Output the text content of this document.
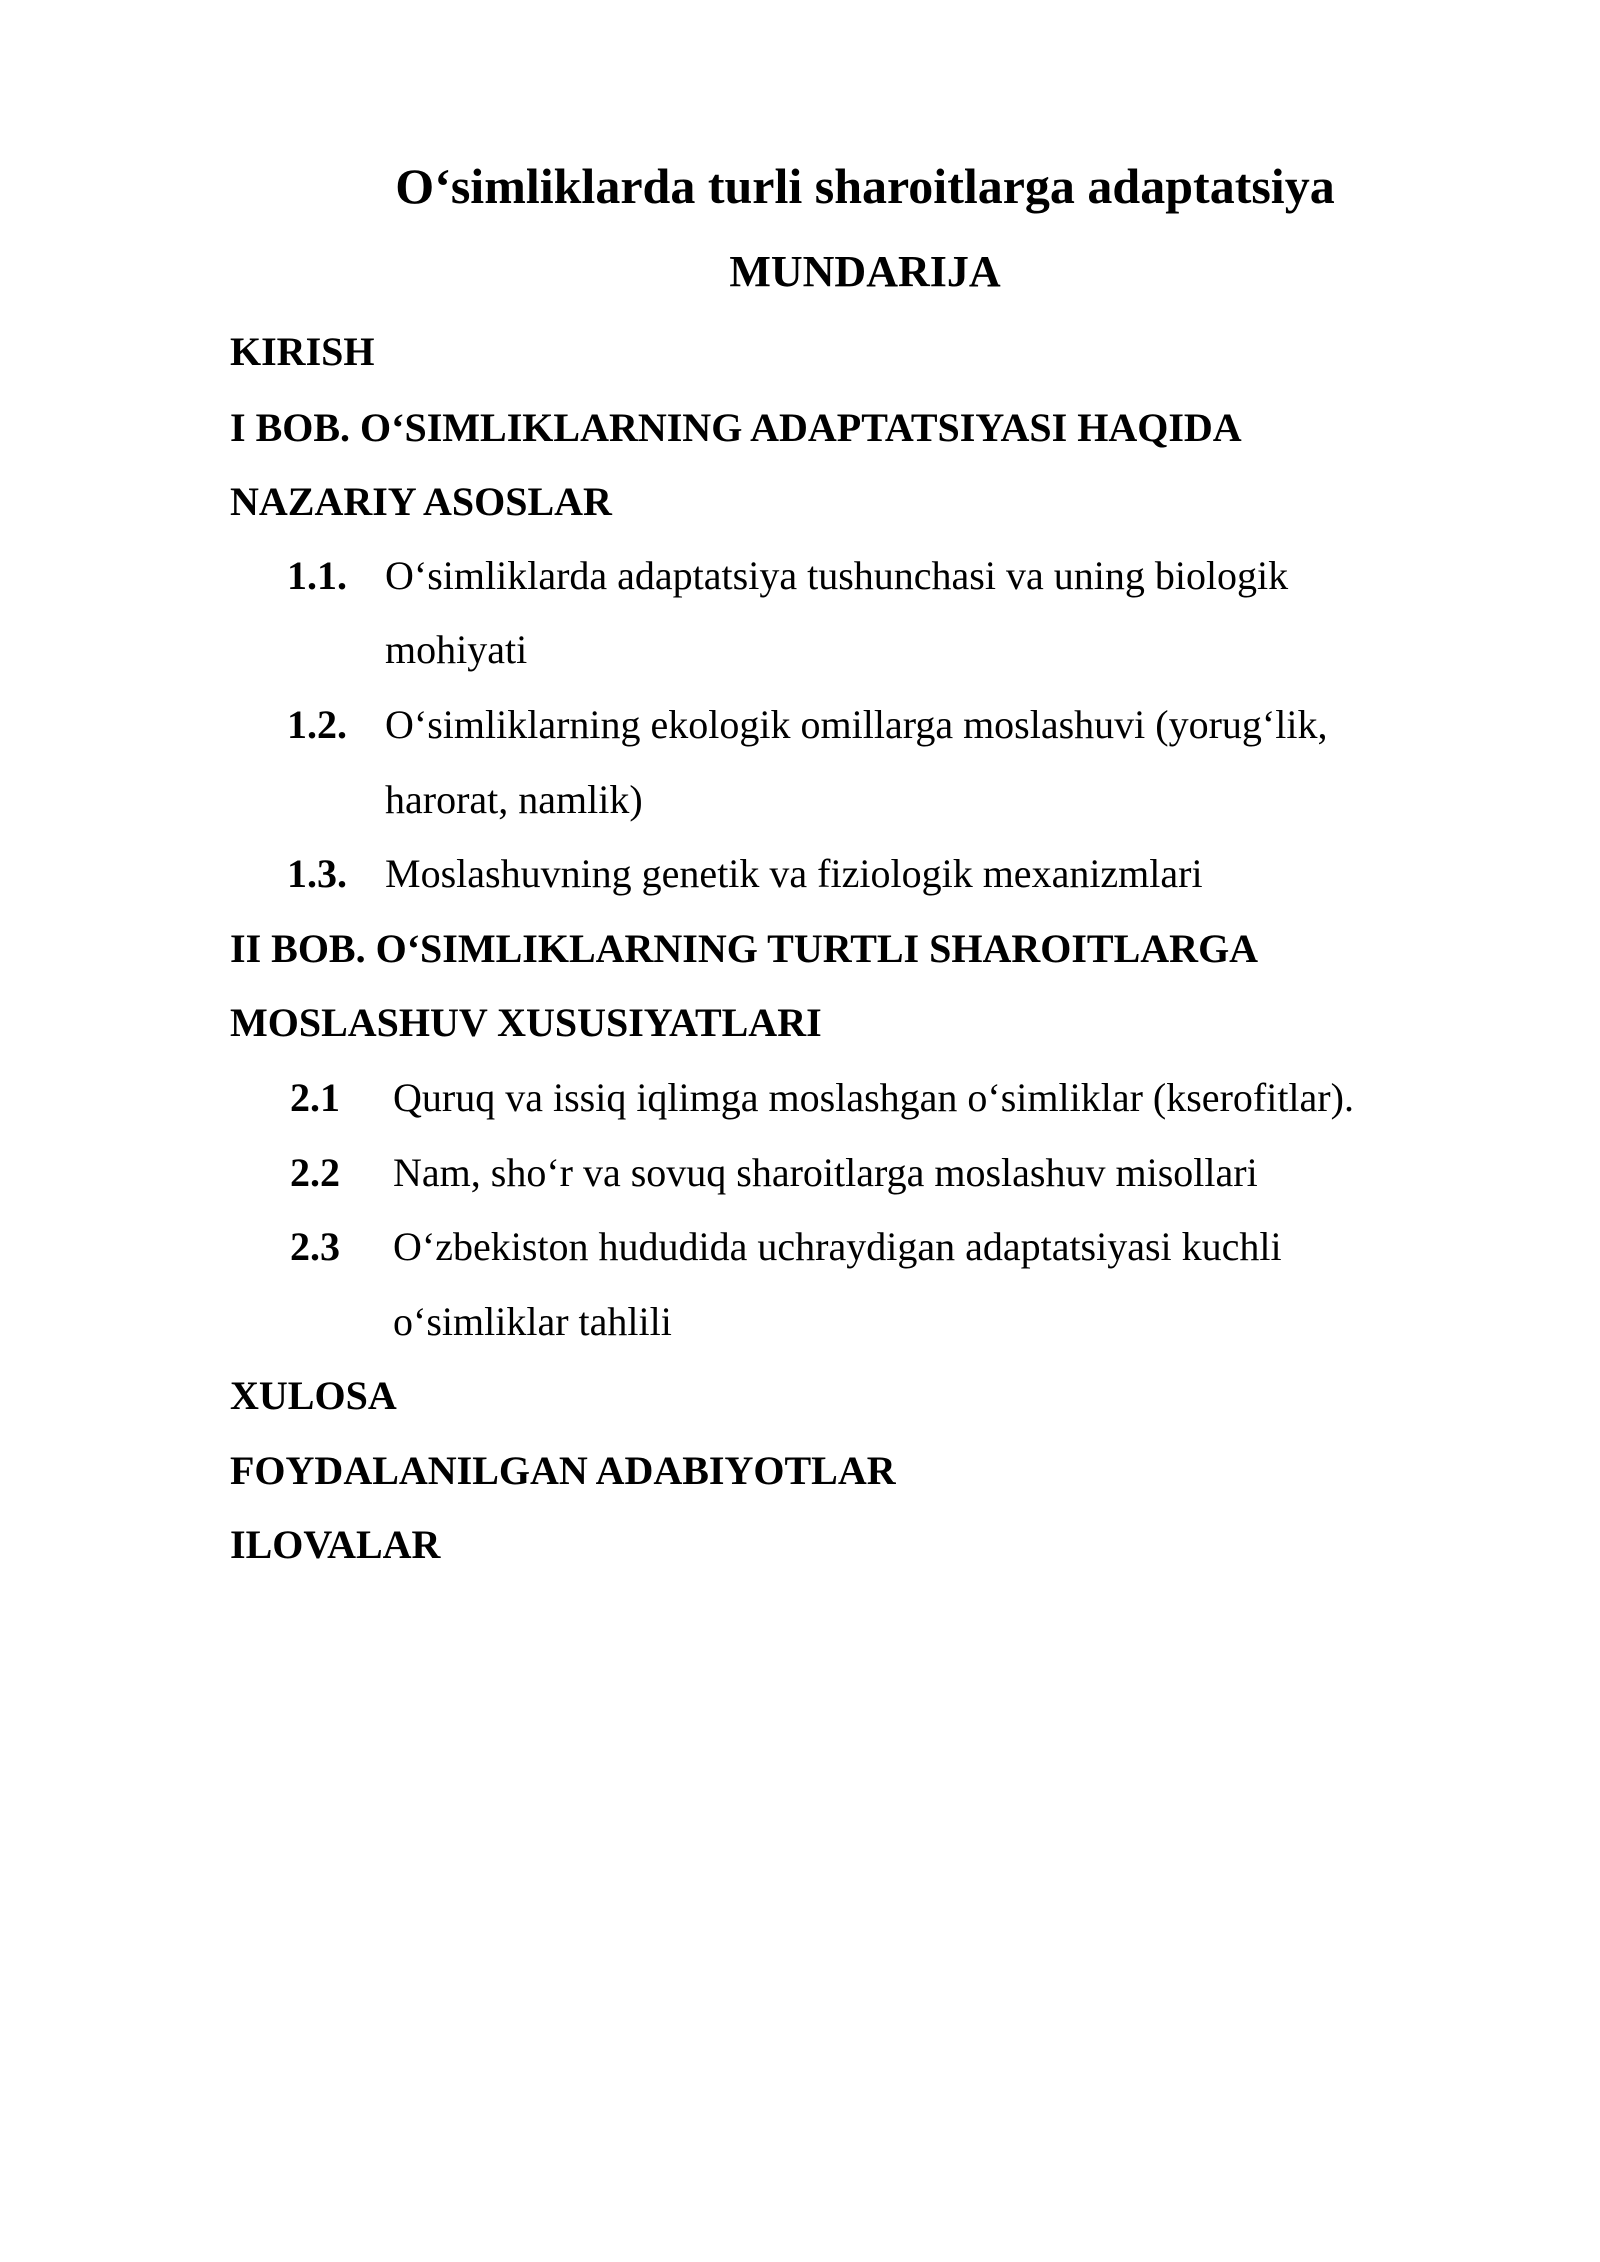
O‘simliklarda turli sharoitlarga adaptatsiya
MUNDARIJA
KIRISH
I BOB. O‘SIMLIKLARNING ADAPTATSIYASI HAQIDA
NAZARIY ASOSLAR
1.1. O‘simliklarda adaptatsiya tushunchasi va uning biologik
mohiyati
1.2. O‘simliklarning ekologik omillarga moslashuvi (yorug‘lik,
harorat, namlik)
1.3. Moslashuvning genetik va fiziologik mexanizmlari
II BOB. O‘SIMLIKLARNING TURTLI SHAROITLARGA
MOSLASHUV XUSUSIYATLARI
2.1 Quruq va issiq iqlimga moslashgan o‘simliklar (kserofitlar).
2.2 Nam, sho‘r va sovuq sharoitlarga moslashuv misollari
2.3 O‘zbekiston hududida uchraydigan adaptatsiyasi kuchli
o‘simliklar tahlili
XULOSA
FOYDALANILGAN ADABIYOTLAR
ILOVALAR
